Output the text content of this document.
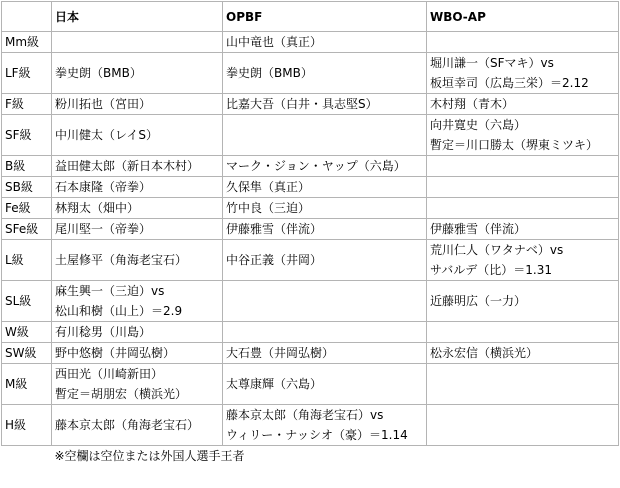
	日本	OPBF	WBO-AP
Mm級		山中竜也（真正）	

LF級	拳史朗（BMB）	拳史朗（BMB）	堀川謙一（SFマキ）vs
板垣幸司（広島三栄）＝2.12

F級	粉川拓也（宮田）	比嘉大吾（白井・具志堅S）	木村翔（青木）

SF級	中川健太（レイS）		向井寛史（六島）
暫定＝川口勝太（堺東ミツキ）

B級	益田健太郎（新日本木村）	マーク・ジョン・ヤップ（六島）	

SB級	石本康隆（帝拳）	久保隼（真正）	

Fe級	林翔太（畑中）	竹中良（三迫）	

SFe級	尾川堅一（帝拳）	伊藤雅雪（伴流）	伊藤雅雪（伴流）

L級	土屋修平（角海老宝石）	中谷正義（井岡）	荒川仁人（ワタナベ）vs
サバルデ（比）＝1.31

SL級	麻生興一（三迫）vs
松山和樹（山上）＝2.9		近藤明広（一力）

W級	有川稔男（川島）		

SW級	野中悠樹（井岡弘樹）	大石豊（井岡弘樹）	松永宏信（横浜光）

M級	西田光（川崎新田）
暫定＝胡朋宏（横浜光）	太尊康輝（六島）	

H級	藤本京太郎（角海老宝石）	藤本京太郎（角海老宝石）vs
ウィリー・ナッシオ（豪）＝1.14	

	※空欄は空位または外国人選手王者		
